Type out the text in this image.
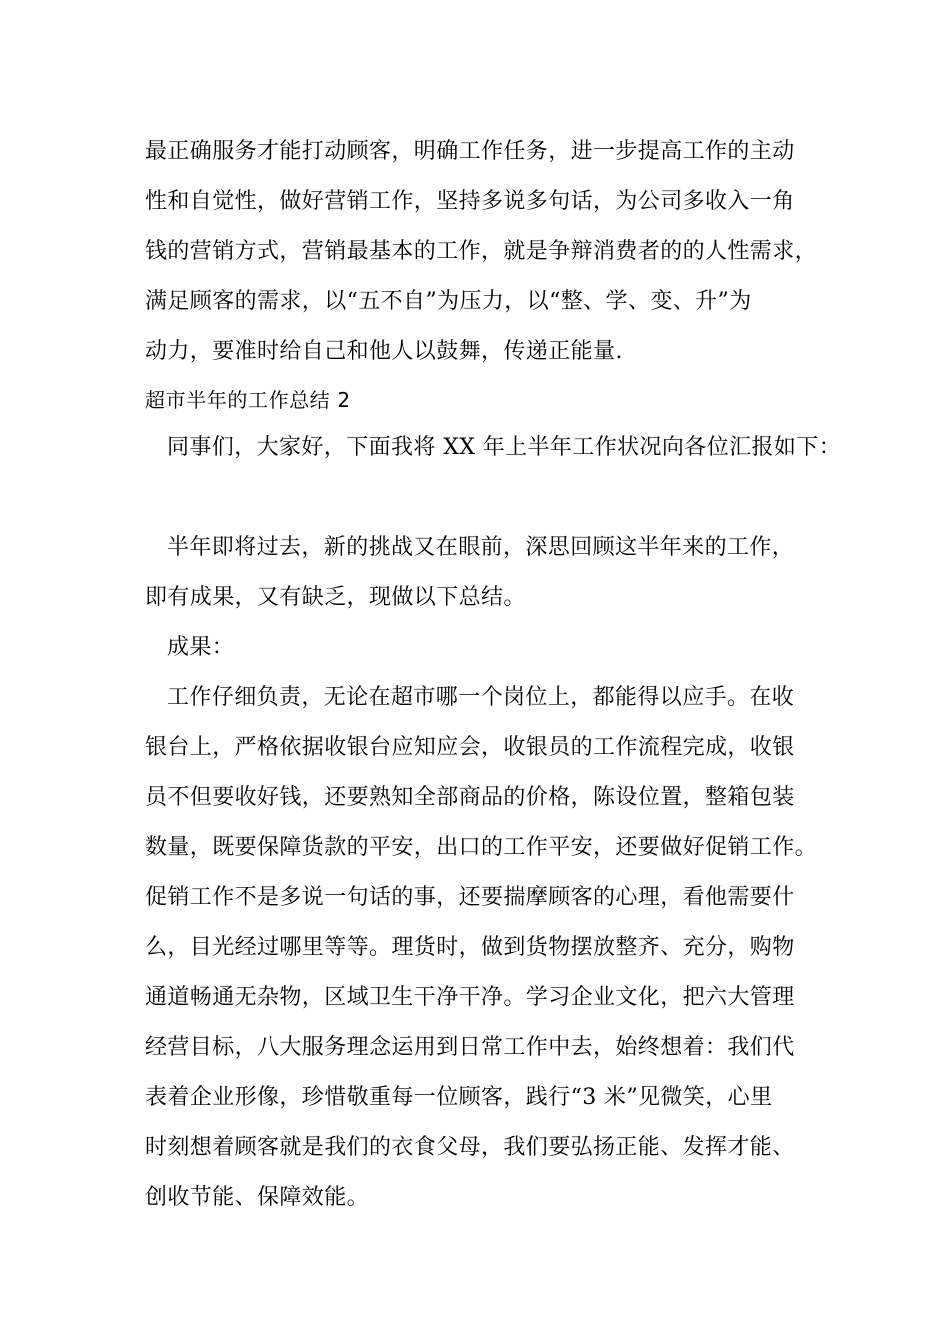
最正确服务才能打动顾客，明确工作任务，进一步提高工作的主动
性和自觉性，做好营销工作，坚持多说多句话，为公司多收入一角
钱的营销方式，营销最基本的工作，就是争辩消费者的的人性需求，
满足顾客的需求，以“五不自”为压力，以“整、学、变、升”为
动力，要准时给自己和他人以鼓舞，传递正能量.
超市半年的工作总结 2
同事们，大家好，下面我将 XX 年上半年工作状况向各位汇报如下：
半年即将过去，新的挑战又在眼前，深思回顾这半年来的工作，
即有成果，又有缺乏，现做以下总结。
成果：
工作仔细负责，无论在超市哪一个岗位上，都能得以应手。在收
银台上，严格依据收银台应知应会，收银员的工作流程完成，收银
员不但要收好钱，还要熟知全部商品的价格，陈设位置，整箱包装
数量，既要保障货款的平安，出口的工作平安，还要做好促销工作。
促销工作不是多说一句话的事，还要揣摩顾客的心理，看他需要什
么，目光经过哪里等等。理货时，做到货物摆放整齐、充分，购物
通道畅通无杂物，区域卫生干净干净。学习企业文化，把六大管理
经营目标，八大服务理念运用到日常工作中去，始终想着：我们代
表着企业形像，珍惜敬重每一位顾客，践行“3 米”见微笑，心里
时刻想着顾客就是我们的衣食父母，我们要弘扬正能、发挥才能、
创收节能、保障效能。
